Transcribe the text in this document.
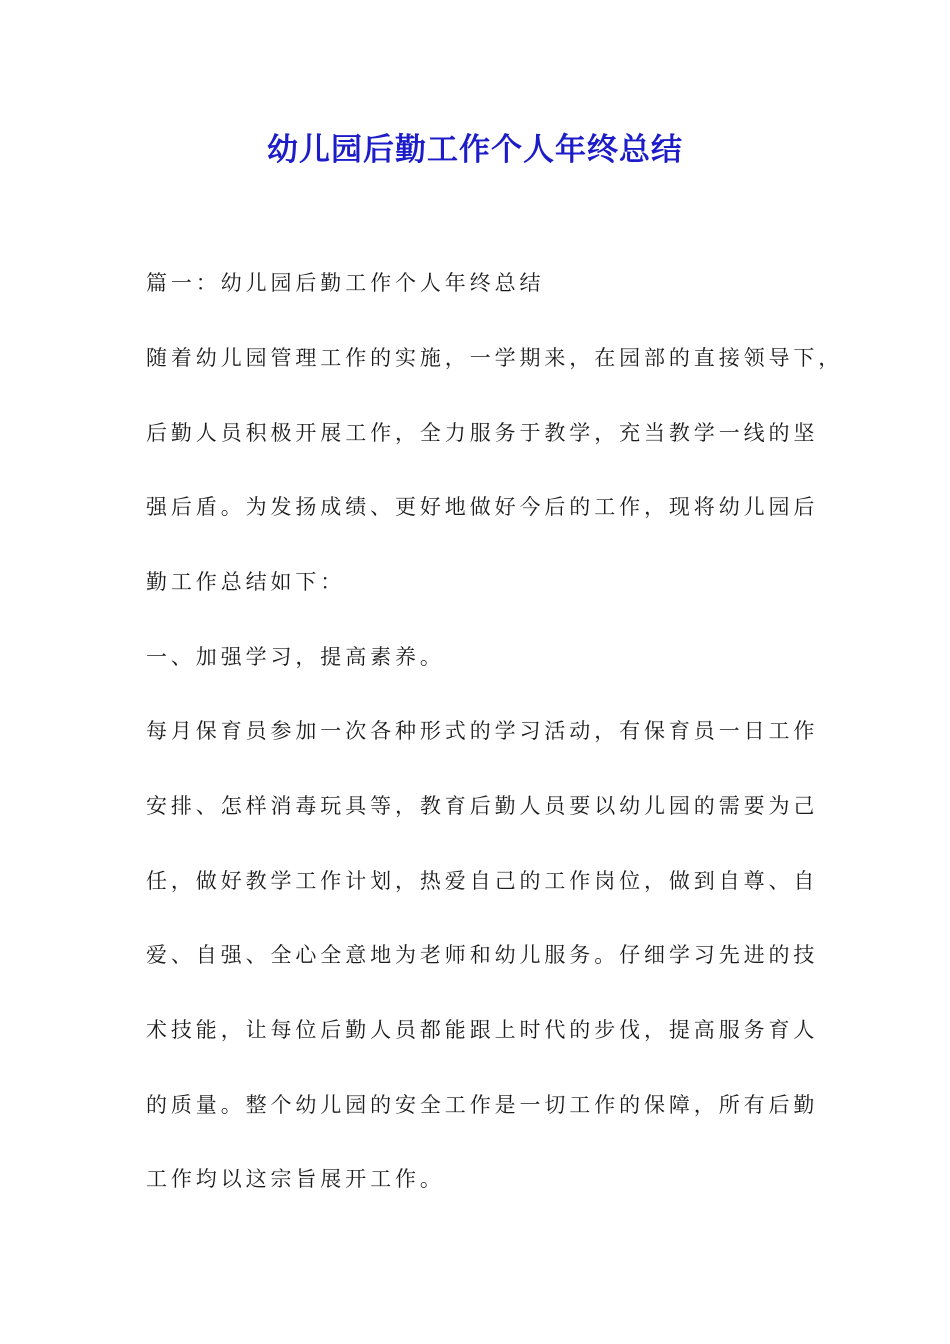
幼儿园后勤工作个人年终总结

篇一：幼儿园后勤工作个人年终总结

随着幼儿园管理工作的实施，一学期来，在园部的直接领导下，

后勤人员积极开展工作，全力服务于教学，充当教学一线的坚

强后盾。为发扬成绩、更好地做好今后的工作，现将幼儿园后

勤工作总结如下：

一、加强学习，提高素养。

每月保育员参加一次各种形式的学习活动，有保育员一日工作

安排、怎样消毒玩具等，教育后勤人员要以幼儿园的需要为己

任，做好教学工作计划，热爱自己的工作岗位，做到自尊、自

爱、自强、全心全意地为老师和幼儿服务。仔细学习先进的技

术技能，让每位后勤人员都能跟上时代的步伐，提高服务育人

的质量。整个幼儿园的安全工作是一切工作的保障，所有后勤

工作均以这宗旨展开工作。
